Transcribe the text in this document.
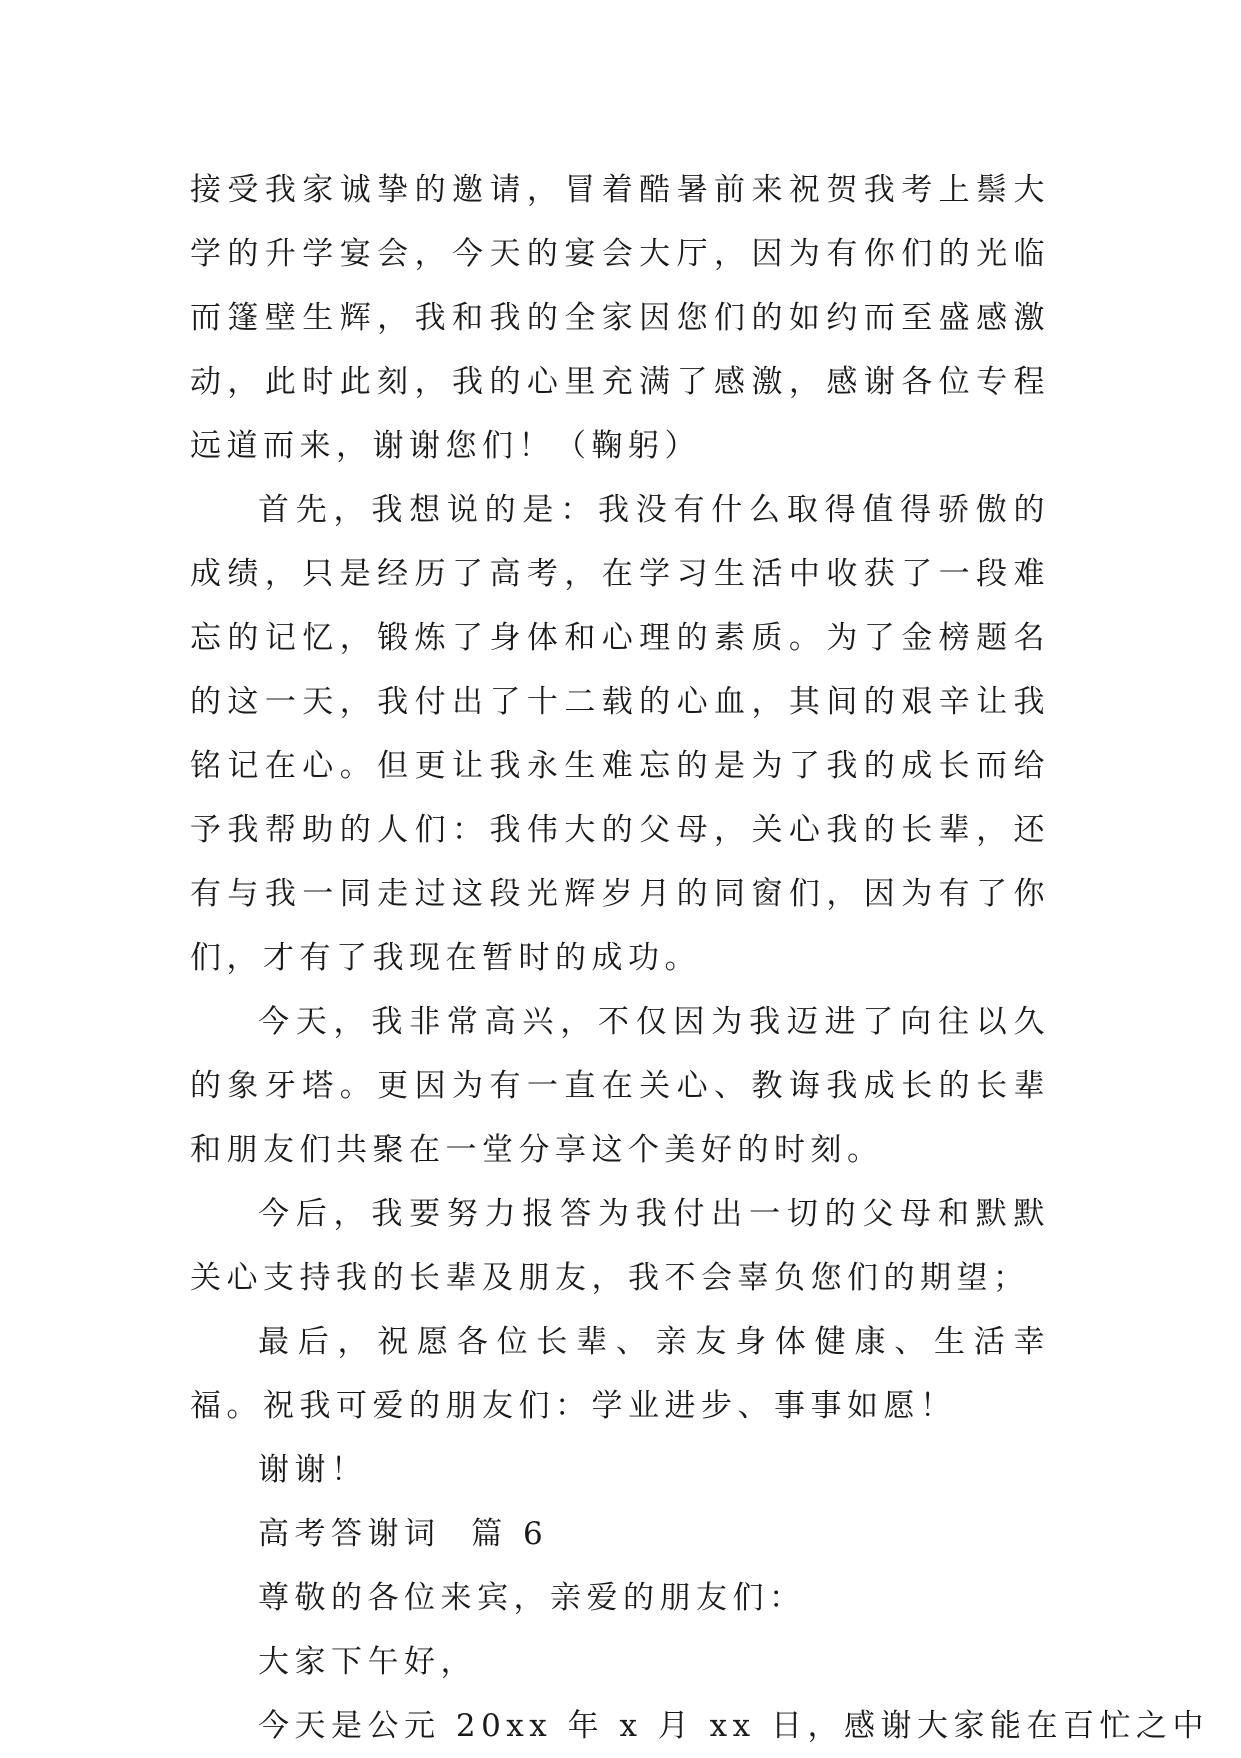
接受我家诚挚的邀请，冒着酷暑前来祝贺我考上鬃大学的升学宴会，今天的宴会大厅，因为有你们的光临而篷壁生辉，我和我的全家因您们的如约而至盛感激动，此时此刻，我的心里充满了感激，感谢各位专程远道而来，谢谢您们！（鞠躬）

首先，我想说的是：我没有什么取得值得骄傲的成绩，只是经历了高考，在学习生活中收获了一段难忘的记忆，锻炼了身体和心理的素质。为了金榜题名的这一天，我付出了十二载的心血，其间的艰辛让我铭记在心。但更让我永生难忘的是为了我的成长而给予我帮助的人们：我伟大的父母，关心我的长辈，还有与我一同走过这段光辉岁月的同窗们，因为有了你们，才有了我现在暂时的成功。

今天，我非常高兴，不仅因为我迈进了向往以久的象牙塔。更因为有一直在关心、教诲我成长的长辈和朋友们共聚在一堂分享这个美好的时刻。

今后，我要努力报答为我付出一切的父母和默默关心支持我的长辈及朋友，我不会辜负您们的期望；

最后，祝愿各位长辈、亲友身体健康、生活幸福。祝我可爱的朋友们：学业进步、事事如愿！

谢谢！

高考答谢词  篇 6

尊敬的各位来宾，亲爱的朋友们：

大家下午好，

今天是公元 20xx 年 x 月 xx 日，感谢大家能在百忙之中
